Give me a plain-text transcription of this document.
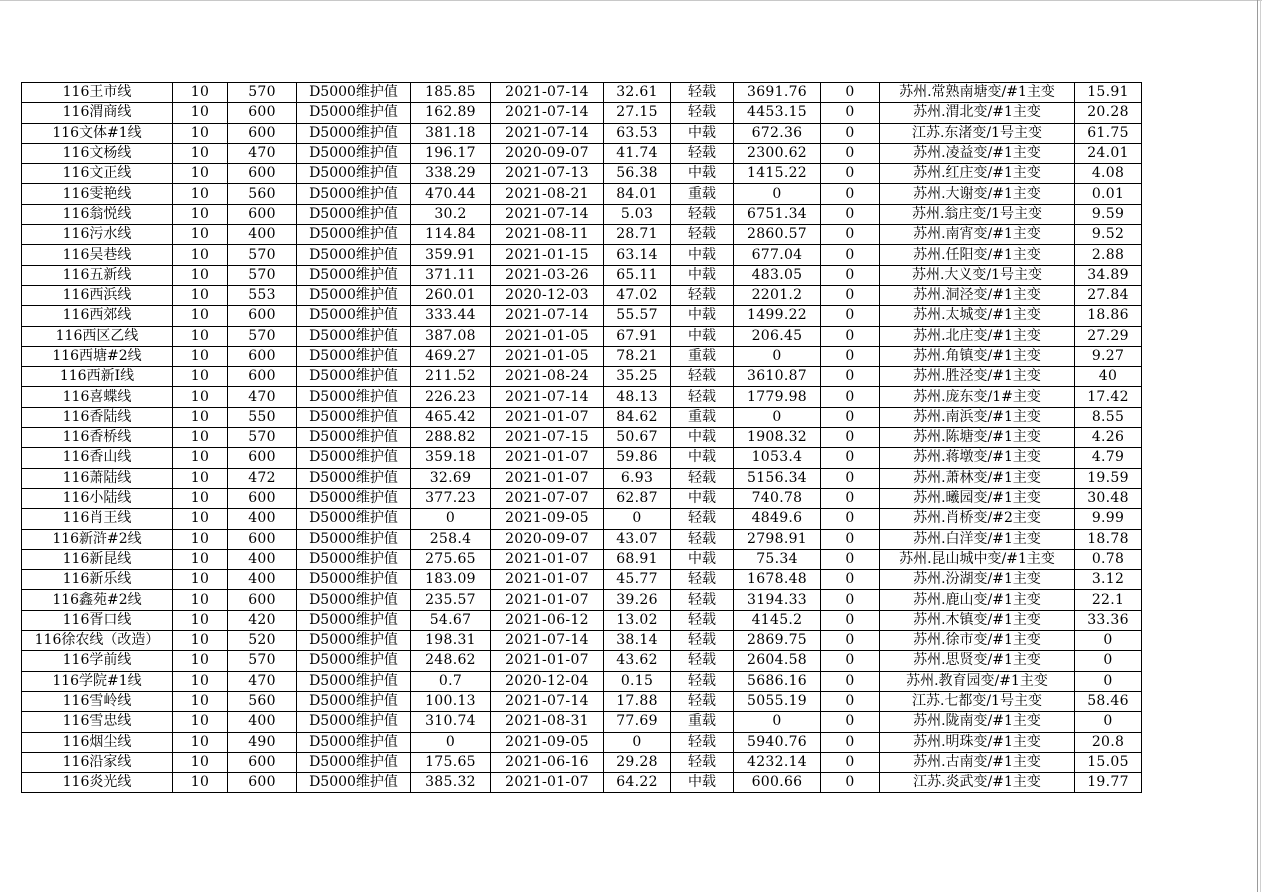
116王市线	10	570	D5000维护值	185.85	2021-07-14	32.61	轻载	3691.76	0	苏州.常熟南塘变/#1主变	15.91
116渭商线	10	600	D5000维护值	162.89	2021-07-14	27.15	轻载	4453.15	0	苏州.渭北变/#1主变	20.28
116文体#1线	10	600	D5000维护值	381.18	2021-07-14	63.53	中载	672.36	0	江苏.东渚变/1号主变	61.75
116文杨线	10	470	D5000维护值	196.17	2020-09-07	41.74	轻载	2300.62	0	苏州.凌益变/#1主变	24.01
116文正线	10	600	D5000维护值	338.29	2021-07-13	56.38	中载	1415.22	0	苏州.红庄变/#1主变	4.08
116雯艳线	10	560	D5000维护值	470.44	2021-08-21	84.01	重载	0	0	苏州.大谢变/#1主变	0.01
116翁悦线	10	600	D5000维护值	30.2	2021-07-14	5.03	轻载	6751.34	0	苏州.翁庄变/1号主变	9.59
116污水线	10	400	D5000维护值	114.84	2021-08-11	28.71	轻载	2860.57	0	苏州.南宵变/#1主变	9.52
116吴巷线	10	570	D5000维护值	359.91	2021-01-15	63.14	中载	677.04	0	苏州.任阳变/#1主变	2.88
116五新线	10	570	D5000维护值	371.11	2021-03-26	65.11	中载	483.05	0	苏州.大义变/1号主变	34.89
116西浜线	10	553	D5000维护值	260.01	2020-12-03	47.02	轻载	2201.2	0	苏州.洞泾变/#1主变	27.84
116西郊线	10	600	D5000维护值	333.44	2021-07-14	55.57	中载	1499.22	0	苏州.太城变/#1主变	18.86
116西区乙线	10	570	D5000维护值	387.08	2021-01-05	67.91	中载	206.45	0	苏州.北庄变/#1主变	27.29
116西塘#2线	10	600	D5000维护值	469.27	2021-01-05	78.21	重载	0	0	苏州.角镇变/#1主变	9.27
116西新Ⅰ线	10	600	D5000维护值	211.52	2021-08-24	35.25	轻载	3610.87	0	苏州.胜泾变/#1主变	40
116喜蝶线	10	470	D5000维护值	226.23	2021-07-14	48.13	轻载	1779.98	0	苏州.庞东变/1#主变	17.42
116香陆线	10	550	D5000维护值	465.42	2021-01-07	84.62	重载	0	0	苏州.南浜变/#1主变	8.55
116香桥线	10	570	D5000维护值	288.82	2021-07-15	50.67	中载	1908.32	0	苏州.陈塘变/#1主变	4.26
116香山线	10	600	D5000维护值	359.18	2021-01-07	59.86	中载	1053.4	0	苏州.蒋墩变/#1主变	4.79
116萧陆线	10	472	D5000维护值	32.69	2021-01-07	6.93	轻载	5156.34	0	苏州.萧林变/#1主变	19.59
116小陆线	10	600	D5000维护值	377.23	2021-07-07	62.87	中载	740.78	0	苏州.曦园变/#1主变	30.48
116肖王线	10	400	D5000维护值	0	2021-09-05	0	轻载	4849.6	0	苏州.肖桥变/#2主变	9.99
116新浒#2线	10	600	D5000维护值	258.4	2020-09-07	43.07	轻载	2798.91	0	苏州.白洋变/#1主变	18.78
116新昆线	10	400	D5000维护值	275.65	2021-01-07	68.91	中载	75.34	0	苏州.昆山城中变/#1主变	0.78
116新乐线	10	400	D5000维护值	183.09	2021-01-07	45.77	轻载	1678.48	0	苏州.汾湖变/#1主变	3.12
116鑫苑#2线	10	600	D5000维护值	235.57	2021-01-07	39.26	轻载	3194.33	0	苏州.鹿山变/#1主变	22.1
116胥口线	10	420	D5000维护值	54.67	2021-06-12	13.02	轻载	4145.2	0	苏州.木镇变/#1主变	33.36
116徐农线（改造）	10	520	D5000维护值	198.31	2021-07-14	38.14	轻载	2869.75	0	苏州.徐市变/#1主变	0
116学前线	10	570	D5000维护值	248.62	2021-01-07	43.62	轻载	2604.58	0	苏州.思贤变/#1主变	0
116学院#1线	10	470	D5000维护值	0.7	2020-12-04	0.15	轻载	5686.16	0	苏州.教育园变/#1主变	0
116雪岭线	10	560	D5000维护值	100.13	2021-07-14	17.88	轻载	5055.19	0	江苏.七都变/1号主变	58.46
116雪忠线	10	400	D5000维护值	310.74	2021-08-31	77.69	重载	0	0	苏州.陇南变/#1主变	0
116烟尘线	10	490	D5000维护值	0	2021-09-05	0	轻载	5940.76	0	苏州.明珠变/#1主变	20.8
116沿家线	10	600	D5000维护值	175.65	2021-06-16	29.28	轻载	4232.14	0	苏州.古南变/#1主变	15.05
116炎光线	10	600	D5000维护值	385.32	2021-01-07	64.22	中载	600.66	0	江苏.炎武变/#1主变	19.77
